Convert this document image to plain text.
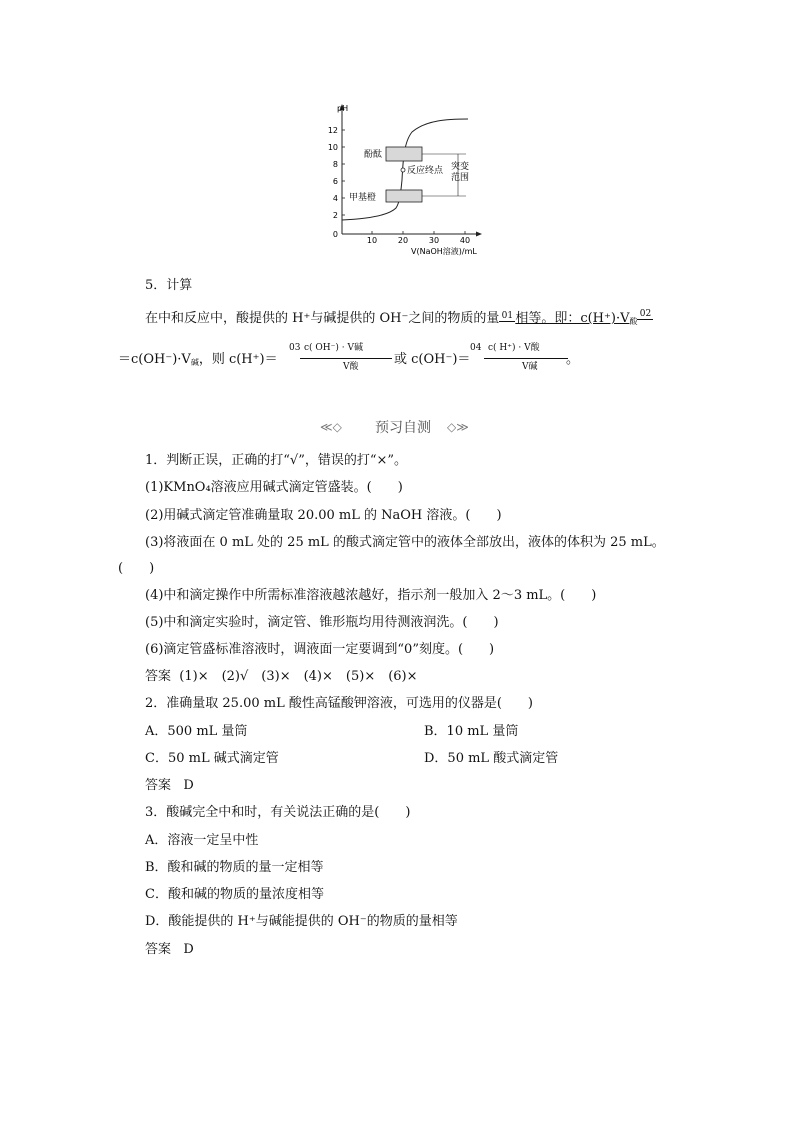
pH
12
10
8
6
4
2
0
10	20	30	40
V(NaOH溶液)/mL
酚酞
甲基橙
反应终点 突变
范围
5．计算
在中和反应中，酸提供的 H⁺与碱提供的 OH⁻之间的物质的量 01 相等。即：$c(H^+)\cdot V_酸02$
$=c(OH^-)\cdot V_碱$，则 c(H⁺)＝
03 c( OH⁻) · V碱
V酸	或 c(OH⁻)＝
04 c( H⁺) · V酸
V碱 。
≪◇ 预习自测 ◇≫
1．判断正误，正确的打“√”，错误的打“×”。
(1)KMnO₄溶液应用碱式滴定管盛装。(　　)
(2)用碱式滴定管准确量取 20.00 mL 的 NaOH 溶液。(　　)
(3)将液面在 0 mL 处的 25 mL 的酸式滴定管中的液体全部放出，液体的体积为 25 mL。
(　　)
(4)中和滴定操作中所需标准溶液越浓越好，指示剂一般加入 2～3 mL。(　　)
(5)中和滴定实验时，滴定管、锥形瓶均用待测液润洗。(　　)
(6)滴定管盛标准溶液时，调液面一定要调到“0”刻度。(　　)
答案 (1)×　(2)√　(3)×　(4)×　(5)×　(6)×
2．准确量取 25.00 mL 酸性高锰酸钾溶液，可选用的仪器是(　　)
A．500 mL 量筒	B．10 mL 量筒
C．50 mL 碱式滴定管	D．50 mL 酸式滴定管
答案 D
3．酸碱完全中和时，有关说法正确的是(　　)
A．溶液一定呈中性
B．酸和碱的物质的量一定相等
C．酸和碱的物质的量浓度相等
D．酸能提供的 H⁺与碱能提供的 OH⁻的物质的量相等
答案 D
